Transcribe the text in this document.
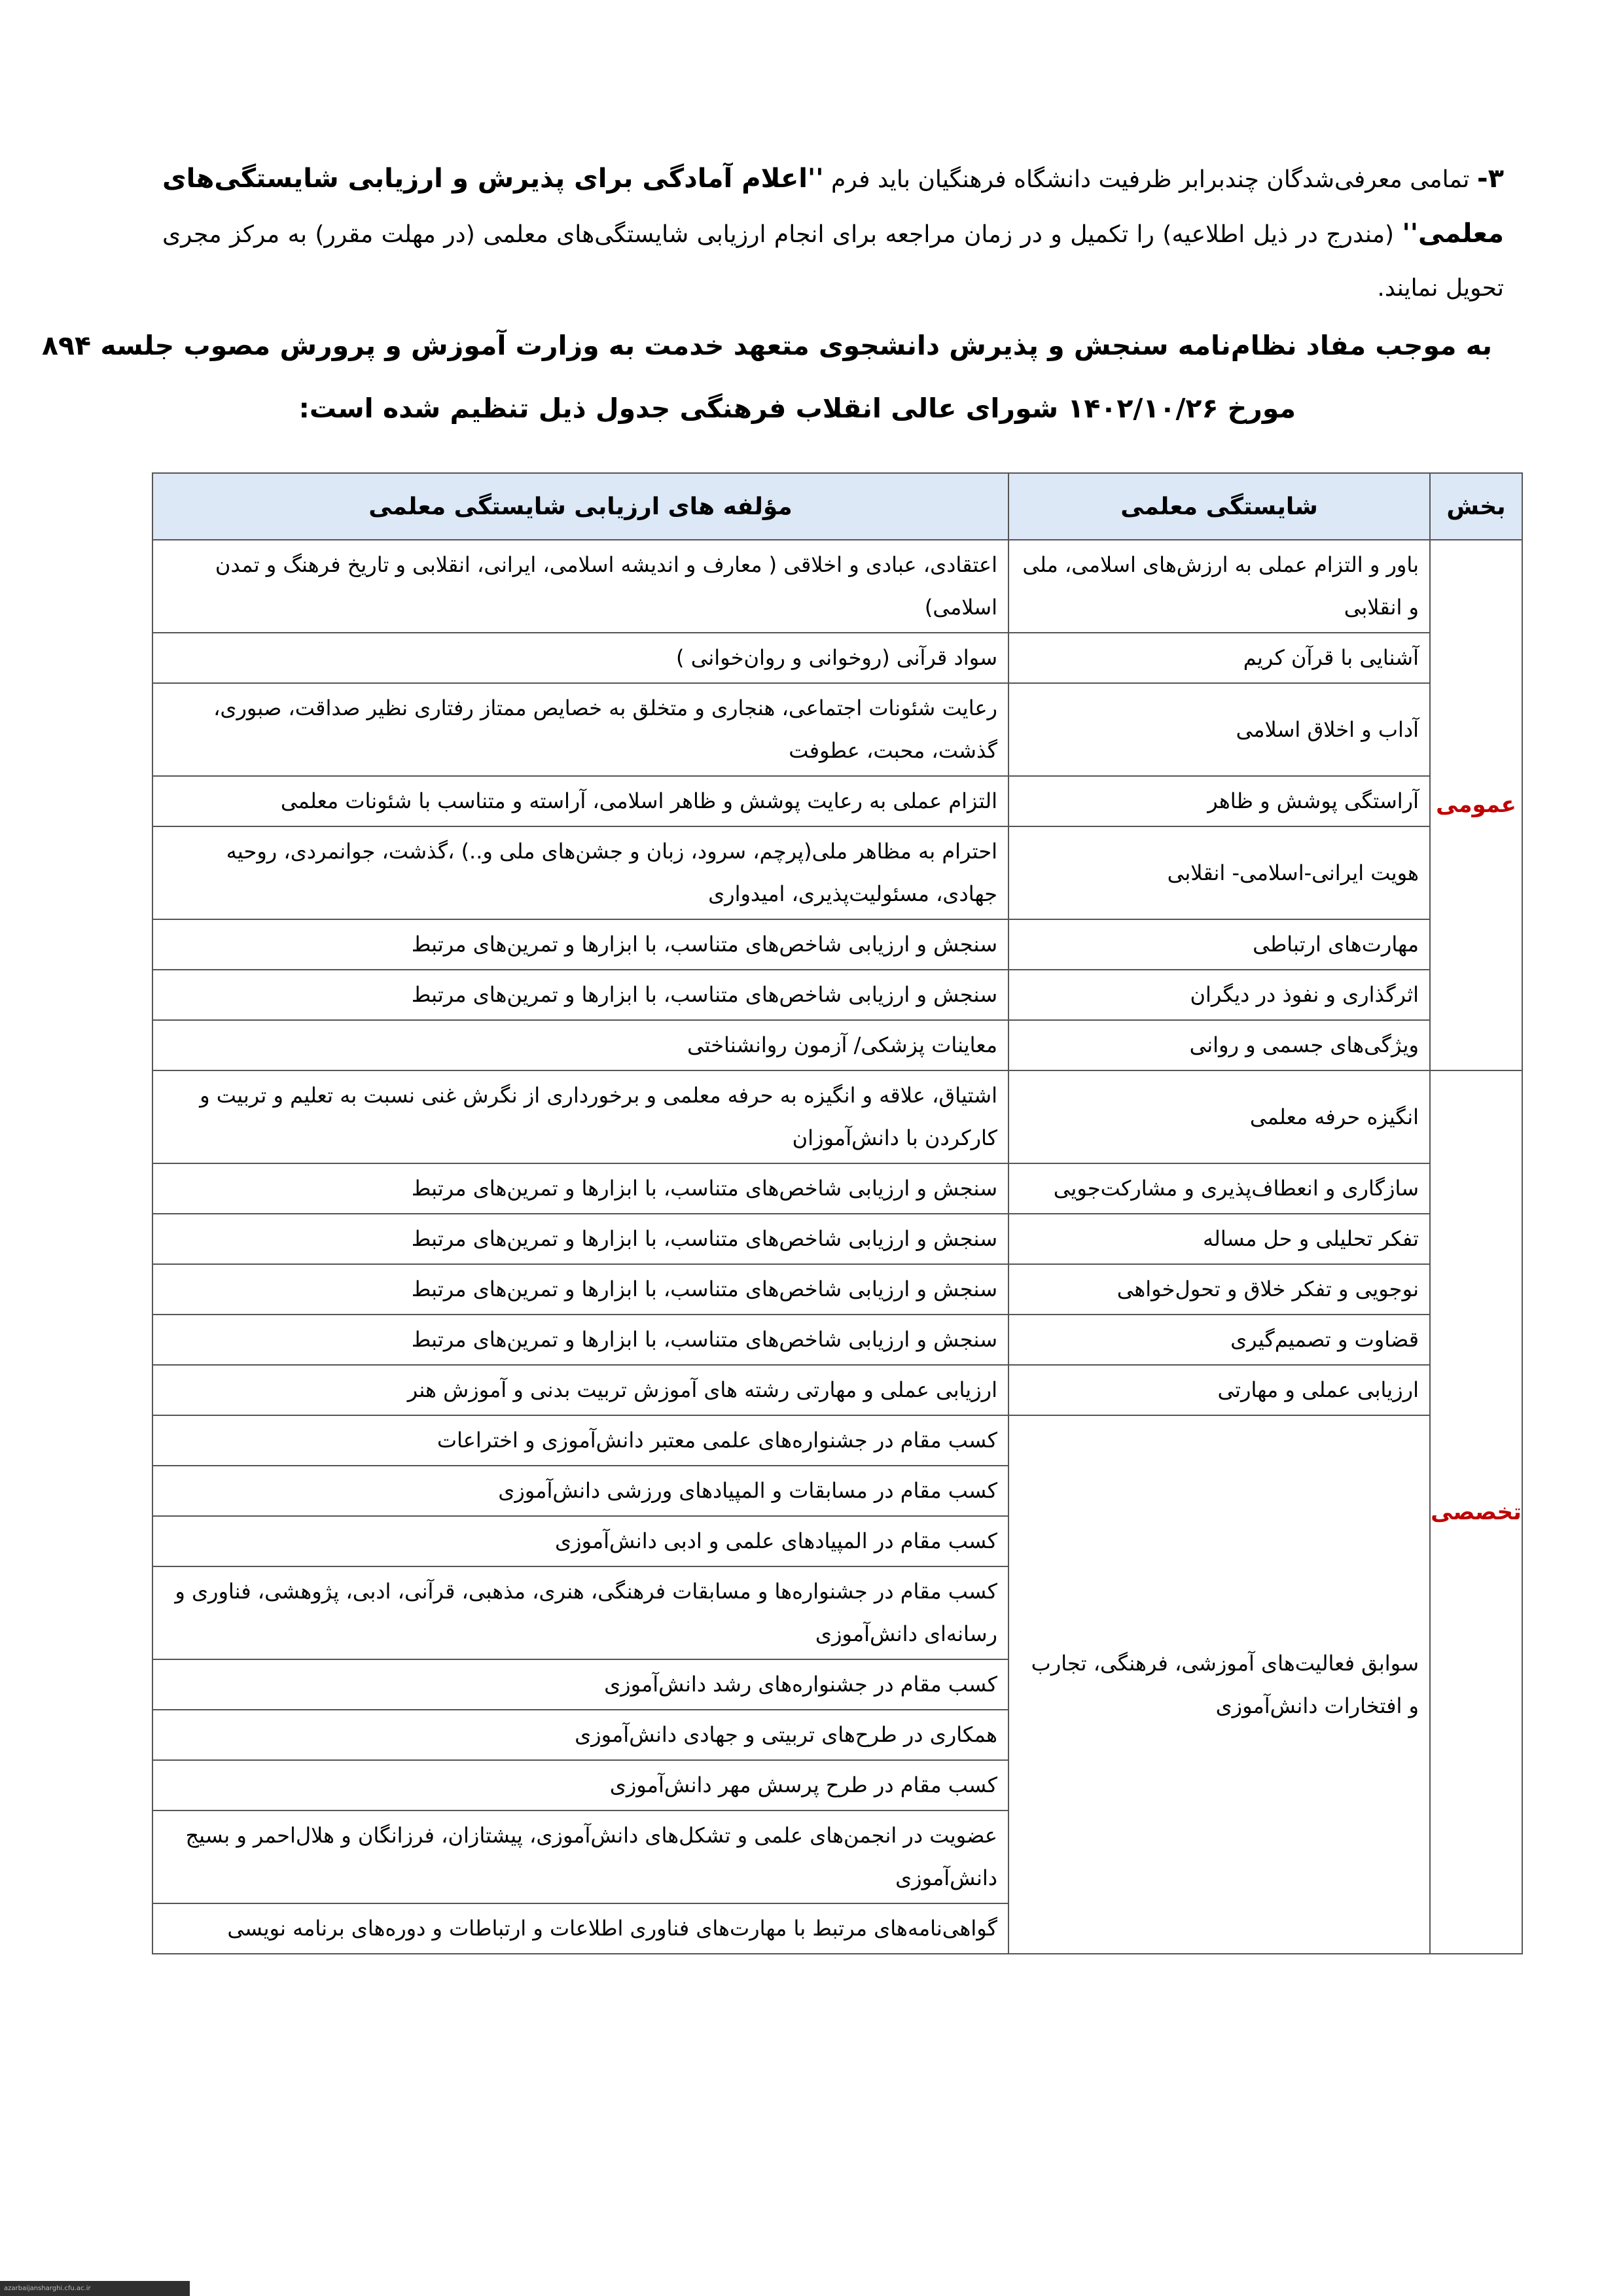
۳- تمامی معرفی‌شدگان چندبرابر ظرفیت دانشگاه فرهنگیان باید فرم ''اعلام آمادگی برای پذیرش و ارزیابی شایستگی‌های معلمی'' (مندرج در ذیل اطلاعیه) را تکمیل و در زمان مراجعه برای انجام ارزیابی شایستگی‌های معلمی (در مهلت مقرر) به مرکز مجری تحویل نمایند.
به موجب مفاد نظام‌نامه سنجش و پذیرش دانشجوی متعهد خدمت به وزارت آموزش و پرورش مصوب جلسه ۸۹۴
مورخ ۱۴۰۲/۱۰/۲۶ شورای عالی انقلاب فرهنگی جدول ذیل تنظیم شده است:
بخش	شایستگی معلمی	مؤلفه های ارزیابی شایستگی معلمی
عمومی	باور و التزام عملی به ارزش‌های اسلامی، ملی و انقلابی	اعتقادی، عبادی و اخلاقی ( معارف و اندیشه اسلامی، ایرانی، انقلابی و تاریخ فرهنگ و تمدن اسلامی)
	آشنایی با قرآن کریم	سواد قرآنی (روخوانی و روان‌خوانی )
	آداب و اخلاق اسلامی	رعایت شئونات اجتماعی، هنجاری و متخلق به خصایص ممتاز رفتاری نظیر صداقت، صبوری، گذشت، محبت، عطوفت
	آراستگی پوشش و ظاهر	التزام عملی به رعایت پوشش و ظاهر اسلامی، آراسته و متناسب با شئونات معلمی
	هویت ایرانی-اسلامی- انقلابی	احترام به مظاهر ملی(پرچم، سرود، زبان و جشن‌های ملی و..) ،گذشت، جوانمردی، روحیه جهادی، مسئولیت‌پذیری، امیدواری
	مهارت‌های ارتباطی	سنجش و ارزیابی شاخص‌های متناسب، با ابزارها و تمرین‌های مرتبط
	اثرگذاری و نفوذ در دیگران	سنجش و ارزیابی شاخص‌های متناسب، با ابزارها و تمرین‌های مرتبط
	ویژگی‌های جسمی و روانی	معاینات پزشکی/ آزمون روانشناختی
تخصصی	انگیزه حرفه معلمی	اشتیاق، علاقه و انگیزه به حرفه معلمی و برخورداری از نگرش غنی نسبت به تعلیم و تربیت و کارکردن با دانش‌آموزان
	سازگاری و انعطاف‌پذیری و مشارکت‌جویی	سنجش و ارزیابی شاخص‌های متناسب، با ابزارها و تمرین‌های مرتبط
	تفکر تحلیلی و حل مساله	سنجش و ارزیابی شاخص‌های متناسب، با ابزارها و تمرین‌های مرتبط
	نوجویی و تفکر خلاق و تحول‌خواهی	سنجش و ارزیابی شاخص‌های متناسب، با ابزارها و تمرین‌های مرتبط
	قضاوت و تصمیم‌گیری	سنجش و ارزیابی شاخص‌های متناسب، با ابزارها و تمرین‌های مرتبط
	ارزیابی عملی و مهارتی	ارزیابی عملی و مهارتی رشته های آموزش تربیت بدنی و آموزش هنر
	سوابق فعالیت‌های آموزشی، فرهنگی، تجارب و افتخارات دانش‌آموزی	کسب مقام در جشنواره‌های علمی معتبر دانش‌آموزی و اختراعات
		کسب مقام در مسابقات و المپیادهای ورزشی دانش‌آموزی
		کسب مقام در المپیادهای علمی و ادبی دانش‌آموزی
		کسب مقام در جشنواره‌ها و مسابقات فرهنگی، هنری، مذهبی، قرآنی، ادبی، پژوهشی، فناوری و رسانه‌ای دانش‌آموزی
		کسب مقام در جشنواره‌های رشد دانش‌آموزی
		همکاری در طرح‌های تربیتی و جهادی دانش‌آموزی
		کسب مقام در طرح پرسش مهر دانش‌آموزی
		عضویت در انجمن‌های علمی و تشکل‌های دانش‌آموزی، پیشتازان، فرزانگان و هلال‌احمر و بسیج دانش‌آموزی
		گواهی‌نامه‌های مرتبط با مهارت‌های فناوری اطلاعات و ارتباطات و دوره‌های برنامه نویسی
azarbaijansharghi.cfu.ac.ir
